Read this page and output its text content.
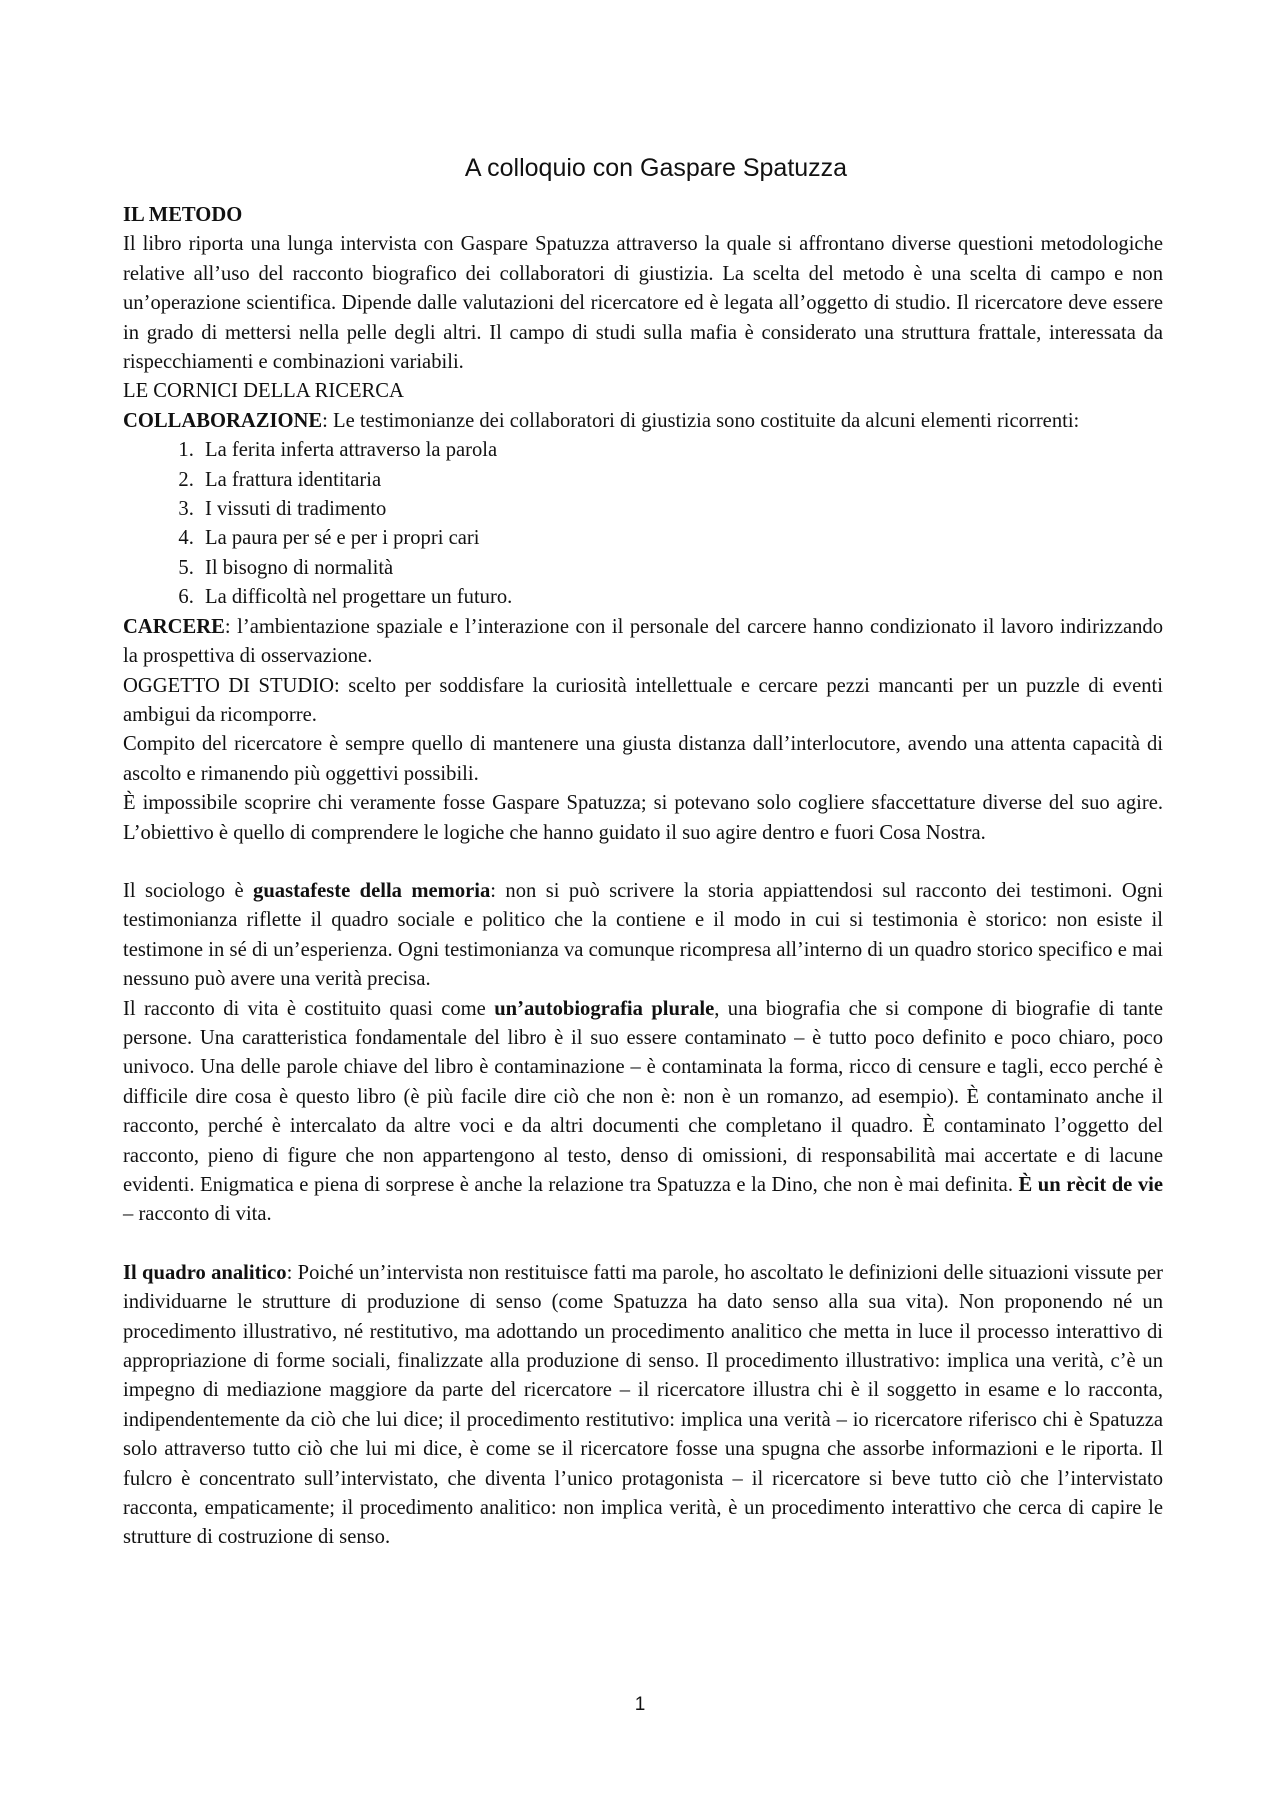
A colloquio con Gaspare Spatuzza
IL METODO

Il libro riporta una lunga intervista con Gaspare Spatuzza attraverso la quale si affrontano diverse questioni metodologiche relative all’uso del racconto biografico dei collaboratori di giustizia. La scelta del metodo è una scelta di campo e non un’operazione scientifica. Dipende dalle valutazioni del ricercatore ed è legata all’oggetto di studio. Il ricercatore deve essere in grado di mettersi nella pelle degli altri. Il campo di studi sulla mafia è considerato una struttura frattale, interessata da rispecchiamenti e combinazioni variabili.

LE CORNICI DELLA RICERCA

COLLABORAZIONE: Le testimonianze dei collaboratori di giustizia sono costituite da alcuni elementi ricorrenti:

1. La ferita inferta attraverso la parola
2. La frattura identitaria
3. I vissuti di tradimento
4. La paura per sé e per i propri cari
5. Il bisogno di normalità
6. La difficoltà nel progettare un futuro.

CARCERE: l’ambientazione spaziale e l’interazione con il personale del carcere hanno condizionato il lavoro indirizzando la prospettiva di osservazione.

OGGETTO DI STUDIO: scelto per soddisfare la curiosità intellettuale e cercare pezzi mancanti per un puzzle di eventi ambigui da ricomporre.

Compito del ricercatore è sempre quello di mantenere una giusta distanza dall’interlocutore, avendo una attenta capacità di ascolto e rimanendo più oggettivi possibili.

È impossibile scoprire chi veramente fosse Gaspare Spatuzza; si potevano solo cogliere sfaccettature diverse del suo agire. L’obiettivo è quello di comprendere le logiche che hanno guidato il suo agire dentro e fuori Cosa Nostra.

Il sociologo è guastafeste della memoria: non si può scrivere la storia appiattendosi sul racconto dei testimoni. Ogni testimonianza riflette il quadro sociale e politico che la contiene e il modo in cui si testimonia è storico: non esiste il testimone in sé di un’esperienza. Ogni testimonianza va comunque ricompresa all’interno di un quadro storico specifico e mai nessuno può avere una verità precisa.

Il racconto di vita è costituito quasi come un’autobiografia plurale, una biografia che si compone di biografie di tante persone. Una caratteristica fondamentale del libro è il suo essere contaminato – è tutto poco definito e poco chiaro, poco univoco. Una delle parole chiave del libro è contaminazione – è contaminata la forma, ricco di censure e tagli, ecco perché è difficile dire cosa è questo libro (è più facile dire ciò che non è: non è un romanzo, ad esempio). È contaminato anche il racconto, perché è intercalato da altre voci e da altri documenti che completano il quadro. È contaminato l’oggetto del racconto, pieno di figure che non appartengono al testo, denso di omissioni, di responsabilità mai accertate e di lacune evidenti. Enigmatica e piena di sorprese è anche la relazione tra Spatuzza e la Dino, che non è mai definita. È un rècit de vie – racconto di vita.

Il quadro analitico: Poiché un’intervista non restituisce fatti ma parole, ho ascoltato le definizioni delle situazioni vissute per individuarne le strutture di produzione di senso (come Spatuzza ha dato senso alla sua vita). Non proponendo né un procedimento illustrativo, né restitutivo, ma adottando un procedimento analitico che metta in luce il processo interattivo di appropriazione di forme sociali, finalizzate alla produzione di senso. Il procedimento illustrativo: implica una verità, c’è un impegno di mediazione maggiore da parte del ricercatore – il ricercatore illustra chi è il soggetto in esame e lo racconta, indipendentemente da ciò che lui dice; il procedimento restitutivo: implica una verità – io ricercatore riferisco chi è Spatuzza solo attraverso tutto ciò che lui mi dice, è come se il ricercatore fosse una spugna che assorbe informazioni e le riporta. Il fulcro è concentrato sull’intervistato, che diventa l’unico protagonista – il ricercatore si beve tutto ciò che l’intervistato racconta, empaticamente; il procedimento analitico: non implica verità, è un procedimento interattivo che cerca di capire le strutture di costruzione di senso.

1
